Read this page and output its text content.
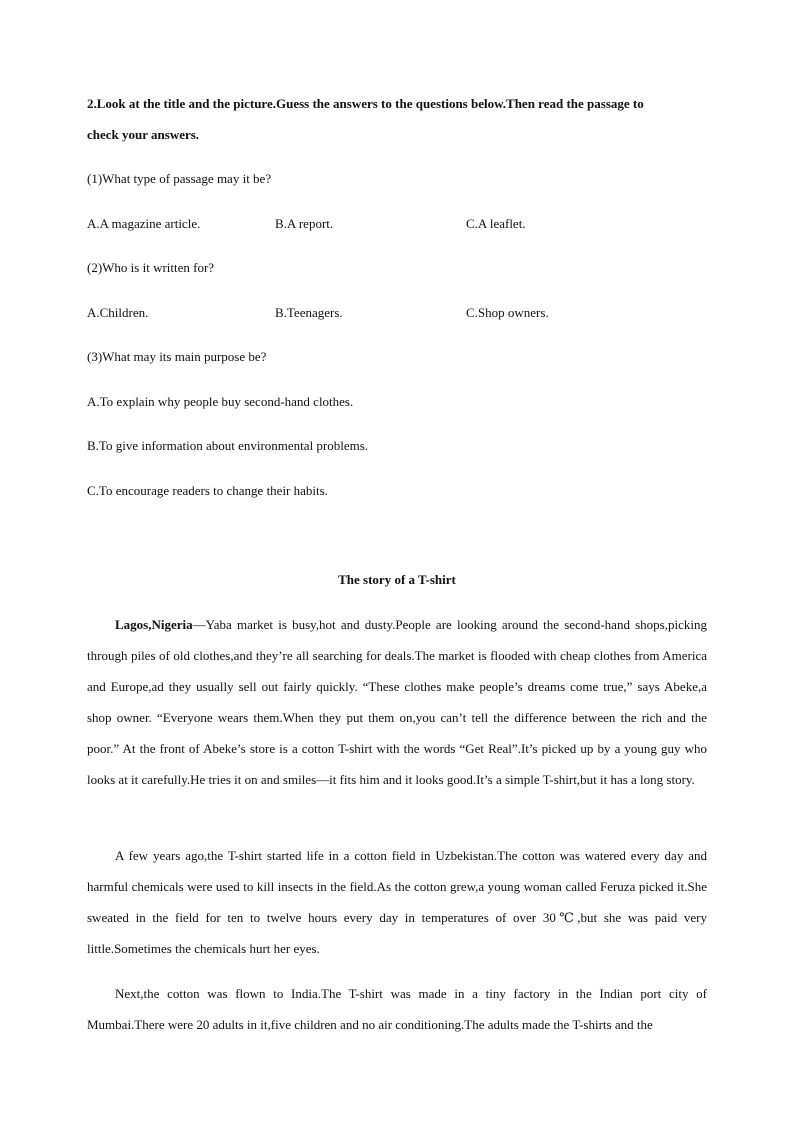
2.Look at the title and the picture.Guess the answers to the questions below.Then read the passage to
check your answers.
(1)What type of passage may it be?
A.A magazine article.	B.A report.	C.A leaflet.
(2)Who is it written for?
A.Children.	B.Teenagers.	C.Shop owners.
(3)What may its main purpose be?
A.To explain why people buy second-hand clothes.
B.To give information about environmental problems.
C.To encourage readers to change their habits.
The story of a T-shirt
Lagos,Nigeria—Yaba market is busy,hot and dusty.People are looking around the second-hand shops,picking through piles of old clothes,and they’re all searching for deals.The market is flooded with cheap clothes from America and Europe,ad they usually sell out fairly quickly. “These clothes make people’s dreams come true,” says Abeke,a shop owner. “Everyone wears them.When they put them on,you can’t tell the difference between the rich and the poor.” At the front of Abeke’s store is a cotton T-shirt with the words “Get Real”.It’s picked up by a young guy who looks at it carefully.He tries it on and smiles—it fits him and it looks good.It’s a simple T-shirt,but it has a long story.
A few years ago,the T-shirt started life in a cotton field in Uzbekistan.The cotton was watered every day and harmful chemicals were used to kill insects in the field.As the cotton grew,a young woman called Feruza picked it.She sweated in the field for ten to twelve hours every day in temperatures of over 30℃,but she was paid very little.Sometimes the chemicals hurt her eyes.
Next,the cotton was flown to India.The T-shirt was made in a tiny factory in the Indian port city of Mumbai.There were 20 adults in it,five children and no air conditioning.The adults made the T-shirts and the
